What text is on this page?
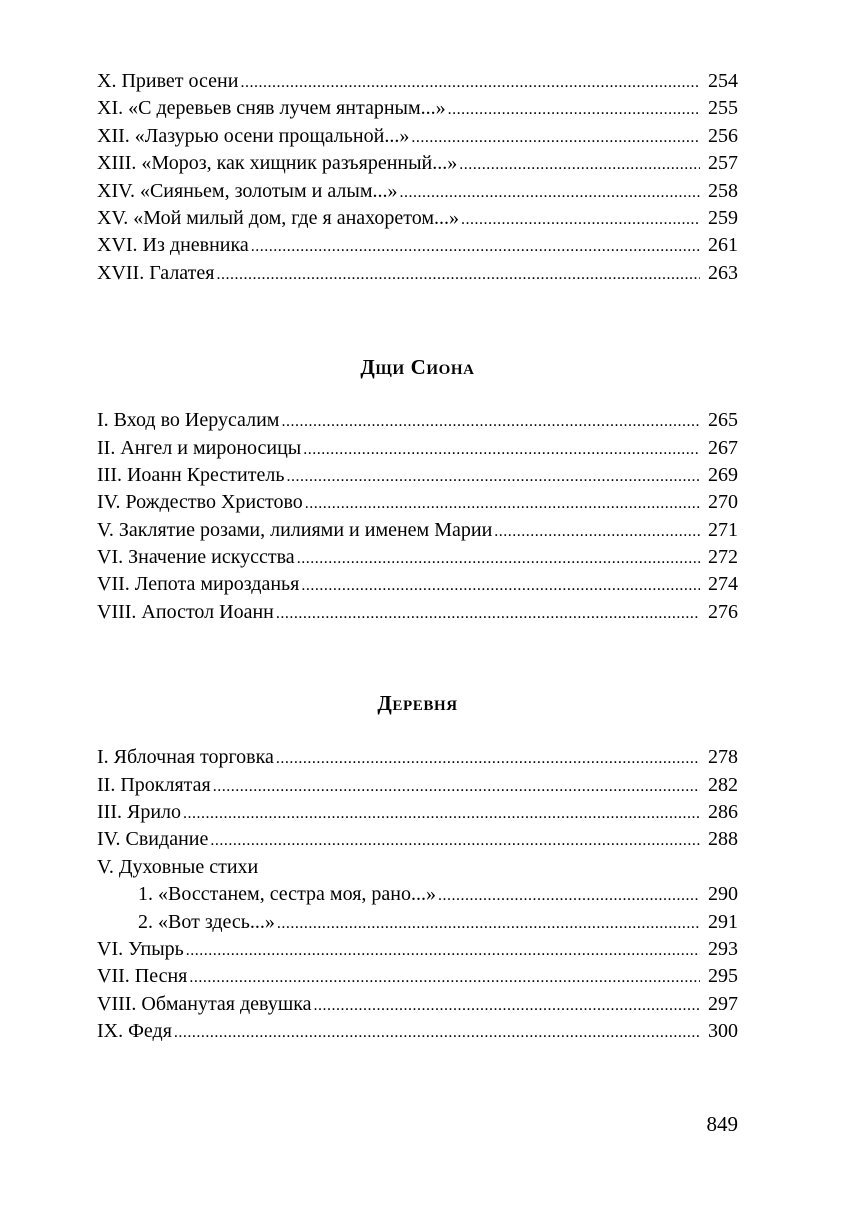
X. Привет осени .....	254
XI. «С деревьев сняв лучем янтарным...» .....	255
XII. «Лазурью осени прощальной...» .....	256
XIII. «Мороз, как хищник разъяренный...» .....	257
XIV. «Сияньем, золотым и алым...» .....	258
XV. «Мой милый дом, где я анахоретом...» .....	259
XVI. Из дневника .....	261
XVII. Галатея .....	263
Дщи Сиона
I. Вход во Иерусалим .....	265
II. Ангел и мироносицы .....	267
III. Иоанн Креститель .....	269
IV. Рождество Христово .....	270
V. Заклятие розами, лилиями и именем Марии .....	271
VI. Значение искусства .....	272
VII. Лепота мирозданья .....	274
VIII. Апостол Иоанн .....	276
Деревня
I. Яблочная торговка .....	278
II. Проклятая .....	282
III. Ярило .....	286
IV. Свидание .....	288
V. Духовные стихи
1. «Восстанем, сестра моя, рано...» .....	290
2. «Вот здесь...» .....	291
VI. Упырь .....	293
VII. Песня .....	295
VIII. Обманутая девушка .....	297
IX. Федя .....	300
849
